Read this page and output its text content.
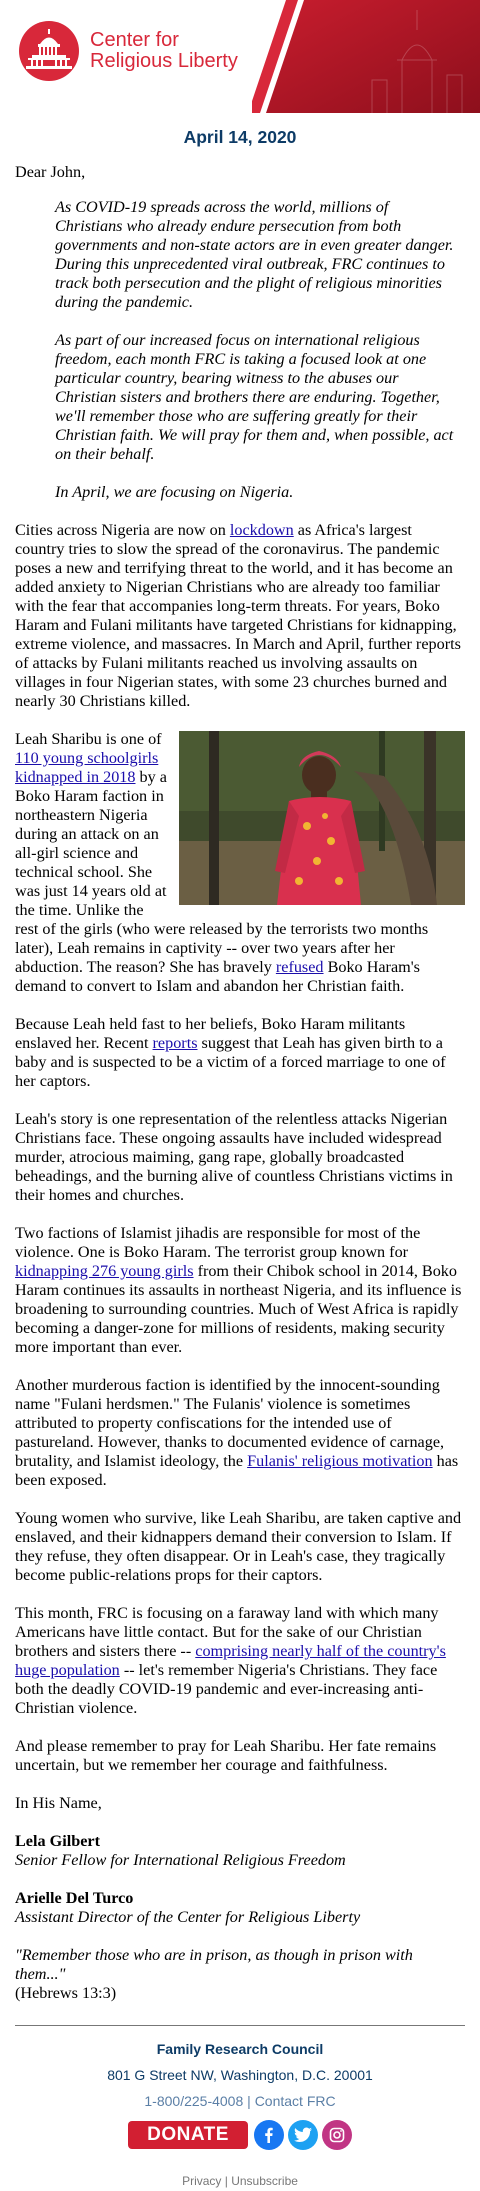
Center for
Religious Liberty
April 14, 2020

Dear John,

As COVID-19 spreads across the world, millions of Christians who already endure persecution from both governments and non-state actors are in even greater danger. During this unprecedented viral outbreak, FRC continues to track both persecution and the plight of religious minorities during the pandemic.

As part of our increased focus on international religious freedom, each month FRC is taking a focused look at one particular country, bearing witness to the abuses our Christian sisters and brothers there are enduring. Together, we'll remember those who are suffering greatly for their Christian faith. We will pray for them and, when possible, act on their behalf.

In April, we are focusing on Nigeria.

Cities across Nigeria are now on lockdown as Africa's largest country tries to slow the spread of the coronavirus. The pandemic poses a new and terrifying threat to the world, and it has become an added anxiety to Nigerian Christians who are already too familiar with the fear that accompanies long-term threats. For years, Boko Haram and Fulani militants have targeted Christians for kidnapping, extreme violence, and massacres. In March and April, further reports of attacks by Fulani militants reached us involving assaults on villages in four Nigerian states, with some 23 churches burned and nearly 30 Christians killed.

Leah Sharibu is one of 110 young schoolgirls kidnapped in 2018 by a Boko Haram faction in northeastern Nigeria during an attack on an all-girl science and technical school. She was just 14 years old at the time. Unlike the rest of the girls (who were released by the terrorists two months later), Leah remains in captivity -- over two years after her abduction. The reason? She has bravely refused Boko Haram's demand to convert to Islam and abandon her Christian faith.

Because Leah held fast to her beliefs, Boko Haram militants enslaved her. Recent reports suggest that Leah has given birth to a baby and is suspected to be a victim of a forced marriage to one of her captors.

Leah's story is one representation of the relentless attacks Nigerian Christians face. These ongoing assaults have included widespread murder, atrocious maiming, gang rape, globally broadcasted beheadings, and the burning alive of countless Christians victims in their homes and churches.

Two factions of Islamist jihadis are responsible for most of the violence. One is Boko Haram. The terrorist group known for kidnapping 276 young girls from their Chibok school in 2014, Boko Haram continues its assaults in northeast Nigeria, and its influence is broadening to surrounding countries. Much of West Africa is rapidly becoming a danger-zone for millions of residents, making security more important than ever.

Another murderous faction is identified by the innocent-sounding name "Fulani herdsmen." The Fulanis' violence is sometimes attributed to property confiscations for the intended use of pastureland. However, thanks to documented evidence of carnage, brutality, and Islamist ideology, the Fulanis' religious motivation has been exposed.

Young women who survive, like Leah Sharibu, are taken captive and enslaved, and their kidnappers demand their conversion to Islam. If they refuse, they often disappear. Or in Leah's case, they tragically become public-relations props for their captors.

This month, FRC is focusing on a faraway land with which many Americans have little contact. But for the sake of our Christian brothers and sisters there -- comprising nearly half of the country's huge population -- let's remember Nigeria's Christians. They face both the deadly COVID-19 pandemic and ever-increasing anti-Christian violence.

And please remember to pray for Leah Sharibu. Her fate remains uncertain, but we remember her courage and faithfulness.

In His Name,

Lela Gilbert
Senior Fellow for International Religious Freedom

Arielle Del Turco
Assistant Director of the Center for Religious Liberty

"Remember those who are in prison, as though in prison with them..."
(Hebrews 13:3)

Family Research Council
801 G Street NW, Washington, D.C. 20001
1-800/225-4008 | Contact FRC
DONATE
Privacy | Unsubscribe
